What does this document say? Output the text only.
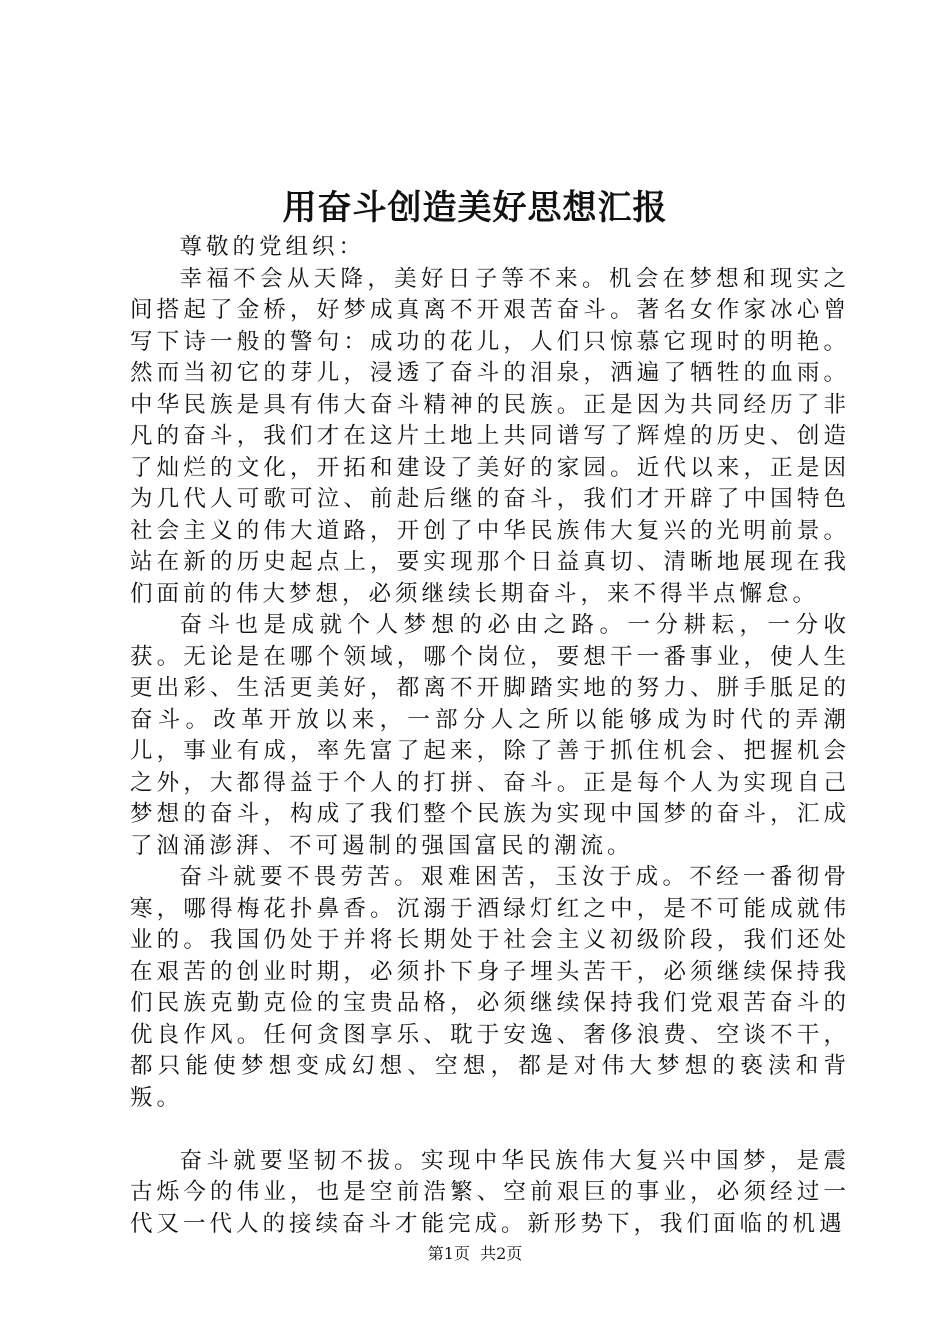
用奋斗创造美好思想汇报

尊敬的党组织：

幸福不会从天降，美好日子等不来。机会在梦想和现实之间搭起了金桥，好梦成真离不开艰苦奋斗。著名女作家冰心曾写下诗一般的警句：成功的花儿，人们只惊慕它现时的明艳。然而当初它的芽儿，浸透了奋斗的泪泉，洒遍了牺牲的血雨。中华民族是具有伟大奋斗精神的民族。正是因为共同经历了非凡的奋斗，我们才在这片土地上共同谱写了辉煌的历史、创造了灿烂的文化，开拓和建设了美好的家园。近代以来，正是因为几代人可歌可泣、前赴后继的奋斗，我们才开辟了中国特色社会主义的伟大道路，开创了中华民族伟大复兴的光明前景。站在新的历史起点上，要实现那个日益真切、清晰地展现在我们面前的伟大梦想，必须继续长期奋斗，来不得半点懈怠。

奋斗也是成就个人梦想的必由之路。一分耕耘，一分收获。无论是在哪个领域，哪个岗位，要想干一番事业，使人生更出彩、生活更美好，都离不开脚踏实地的努力、胼手胝足的奋斗。改革开放以来，一部分人之所以能够成为时代的弄潮儿，事业有成，率先富了起来，除了善于抓住机会、把握机会之外，大都得益于个人的打拼、奋斗。正是每个人为实现自己梦想的奋斗，构成了我们整个民族为实现中国梦的奋斗，汇成了汹涌澎湃、不可遏制的强国富民的潮流。

奋斗就要不畏劳苦。艰难困苦，玉汝于成。不经一番彻骨寒，哪得梅花扑鼻香。沉溺于酒绿灯红之中，是不可能成就伟业的。我国仍处于并将长期处于社会主义初级阶段，我们还处在艰苦的创业时期，必须扑下身子埋头苦干，必须继续保持我们民族克勤克俭的宝贵品格，必须继续保持我们党艰苦奋斗的优良作风。任何贪图享乐、耽于安逸、奢侈浪费、空谈不干，都只能使梦想变成幻想、空想，都是对伟大梦想的亵渎和背叛。

奋斗就要坚韧不拔。实现中华民族伟大复兴中国梦，是震古烁今的伟业，也是空前浩繁、空前艰巨的事业，必须经过一代又一代人的接续奋斗才能完成。新形势下，我们面临的机遇

第1页 共2页
